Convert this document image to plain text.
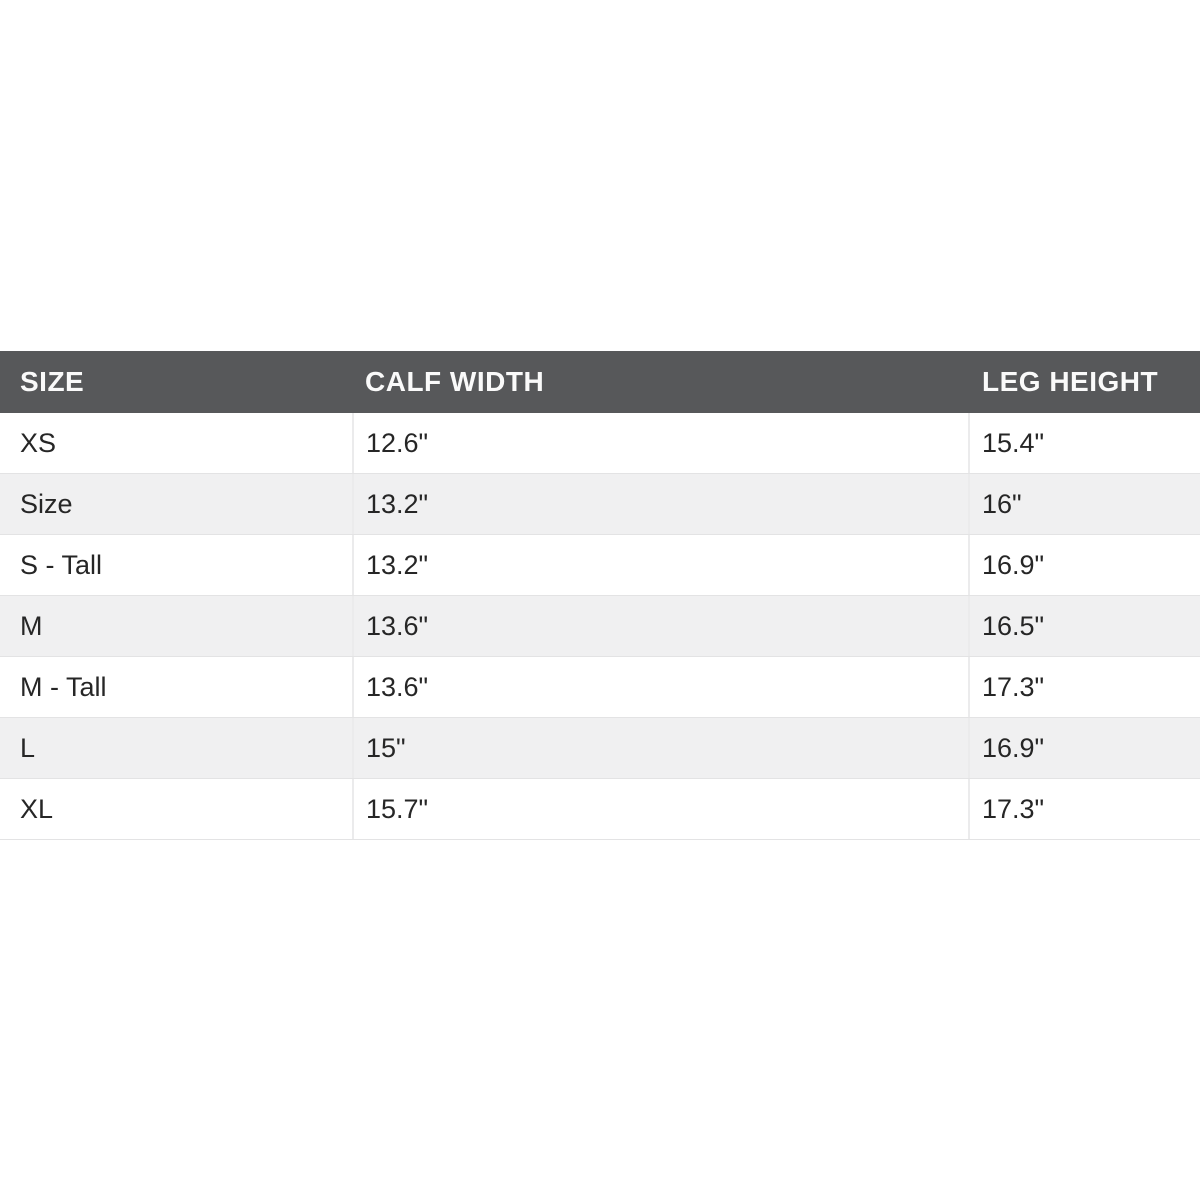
SIZE	CALF WIDTH	LEG HEIGHT
XS	12.6"	15.4"
Size	13.2"	16"
S - Tall	13.2"	16.9"
M	13.6"	16.5"
M - Tall	13.6"	17.3"
L	15"	16.9"
XL	15.7"	17.3"
